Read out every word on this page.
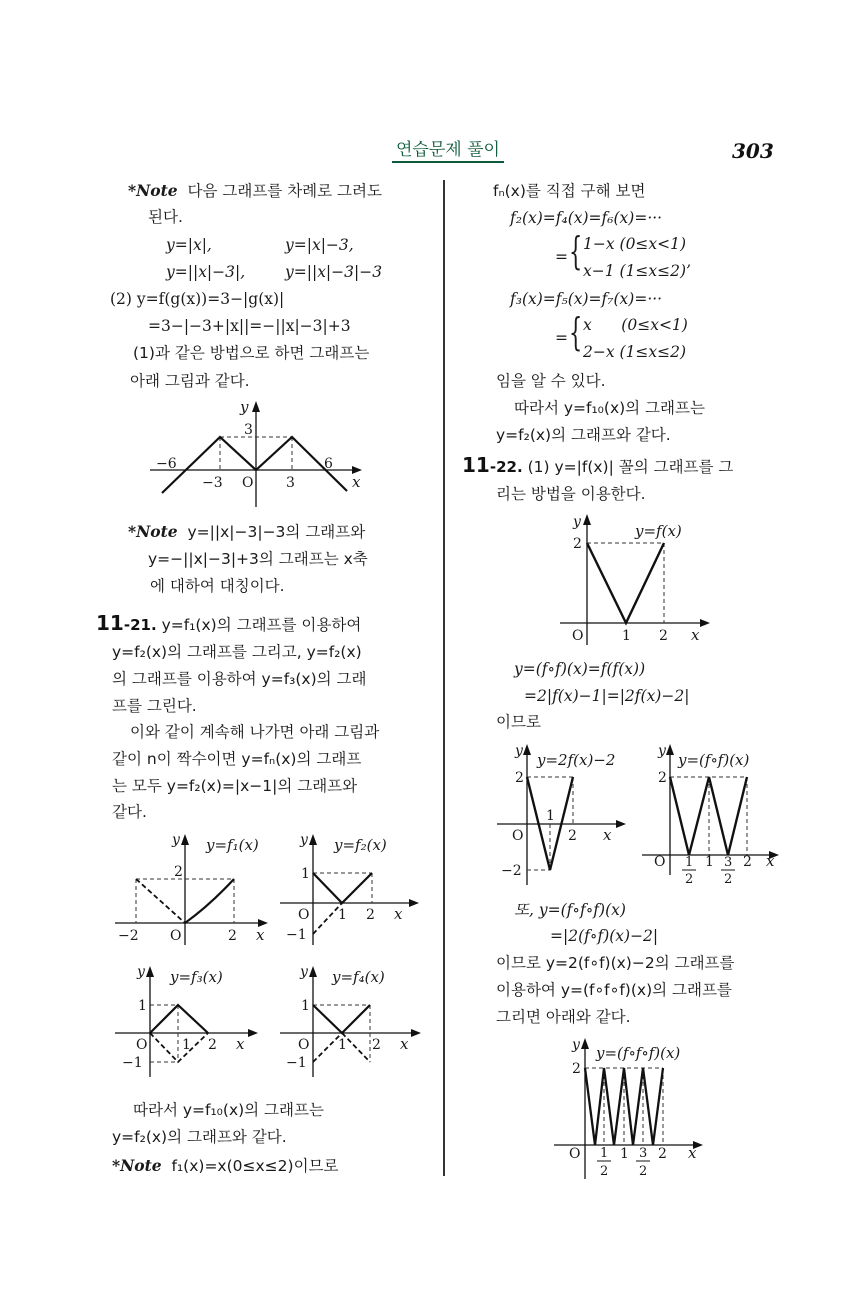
연습문제 풀이	303
*Note 다음 그래프를 차례로 그려도
된다.
y=|x|,	y=|x|−3,
y=||x|−3|,	y=||x|−3|−3
(2) y=f(g(x))=3−|g(x)|
=3−|−3+|x||=−||x|−3|+3
(1)과 같은 방법으로 하면 그래프는
아래 그림과 같다.
y
3
−6	6
−3 O 3	x
*Note y=||x|−3|−3의 그래프와
y=−||x|−3|+3의 그래프는 x축
에 대하여 대칭이다.
11-21. y=f₁(x)의 그래프를 이용하여
y=f₂(x)의 그래프를 그리고, y=f₂(x)
의 그래프를 이용하여 y=f₃(x)의 그래
프를 그린다.
이와 같이 계속해 나가면 아래 그림과
같이 n이 짝수이면 y=fₙ(x)의 그래프
는 모두 y=f₂(x)=|x−1|의 그래프와
같다.
y y=f₁(x)
2
−2 O	2 x
y y=f₂(x)
1
O 1 2 x
−1
y y=f₃(x)
1
O 1 2 x
−1
y y=f₄(x)
1
O 1 2 x
−1
따라서 y=f₁₀(x)의 그래프는
y=f₂(x)의 그래프와 같다.
*Note f₁(x)=x(0≤x≤2)이므로
fₙ(x)를 직접 구해 보면
f₂(x)=f₄(x)=f₆(x)=···
= { 1−x (0≤x<1)
x−1 (1≤x≤2)’
f₃(x)=f₅(x)=f₇(x)=···
= { x      (0≤x<1)
2−x (1≤x≤2)
임을 알 수 있다.
따라서 y=f₁₀(x)의 그래프는
y=f₂(x)의 그래프와 같다.
11-22. (1) y=|f(x)| 꼴의 그래프를 그
리는 방법을 이용한다.
y	y=f(x)
2
O	1 2 x
y=(f∘f)(x)=f(f(x))
=2|f(x)−1|=|2f(x)−2|
이므로
y y=2f(x)−2
2
1
O	2 x
−2
y y=(f∘f)(x)
2
O 1
2
1 3
2
2 x
또, y=(f∘f∘f)(x)
=|2(f∘f)(x)−2|
이므로 y=2(f∘f)(x)−2의 그래프를
이용하여 y=(f∘f∘f)(x)의 그래프를
그리면 아래와 같다.
y y=(f∘f∘f)(x)
2
O 1
2
1 3
2
2 x
